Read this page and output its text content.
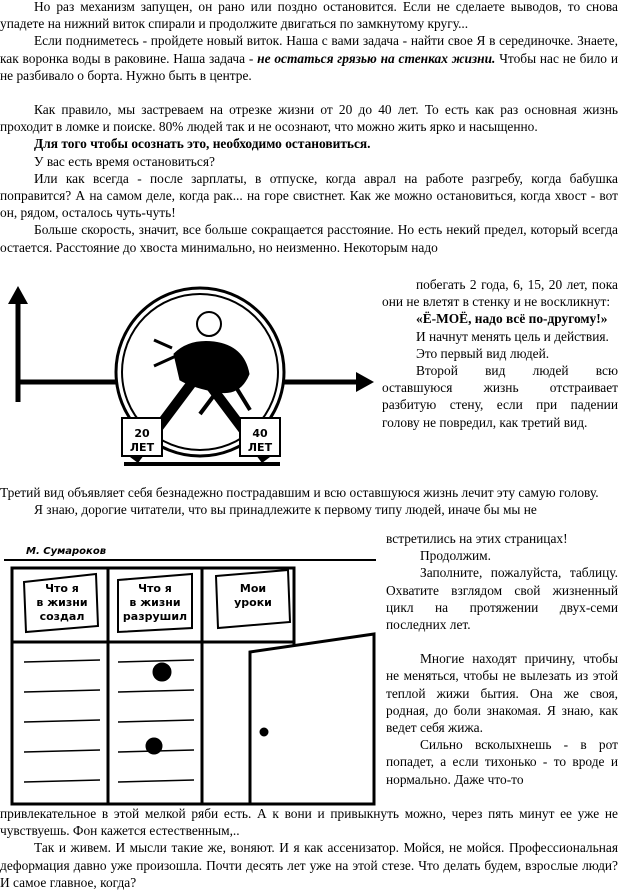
Но раз механизм запущен, он рано или поздно остановится. Если не сделаете выводов, то снова упадете на нижний виток спирали и продолжите двигаться по замкнутому кругу...

Если подниметесь - пройдете новый виток. Наша с вами задача - найти свое Я в серединочке. Знаете, как воронка воды в раковине. Наша задача - не остаться грязью на стенках жизни. Чтобы нас не било и не разбивало о борта. Нужно быть в центре.

Как правило, мы застреваем на отрезке жизни от 20 до 40 лет. То есть как раз основная жизнь проходит в ломке и поиске. 80% людей так и не осознают, что можно жить ярко и насыщенно.

Для того чтобы осознать это, необходимо остановиться.

У вас есть время остановиться?

Или как всегда - после зарплаты, в отпуске, когда аврал на работе разгребу, когда бабушка поправится? А на самом деле, когда рак... на горе свистнет. Как же можно остановиться, когда хвост - вот он, рядом, осталось чуть-чуть!

Больше скорость, значит, все больше сокращается расстояние. Но есть некий предел, который всегда остается. Расстояние до хвоста минимально, но неизменно. Некоторым надо

20
ЛЕТ
40
ЛЕТ

побегать 2 года, 6, 15, 20 лет, пока они не влетят в стенку и не воскликнут:

«Ё-МОЁ, надо всё по-другому!»

И начнут менять цель и действия.

Это первый вид людей.

Второй вид людей всю оставшуюся жизнь отстраивает разбитую стену, если при падении голову не повредил, как третий вид.

Третий вид объявляет себя безнадежно пострадавшим и всю оставшуюся жизнь лечит эту самую голову.

Я знаю, дорогие читатели, что вы принадлежите к первому типу людей, иначе бы мы не

М. Сумароков
Что я
в жизни
создал
Что я
в жизни
разрушил
Мои
уроки

встретились на этих страницах!

Продолжим.

Заполните, пожалуйста, таблицу. Охватите взглядом свой жизненный цикл на протяжении двух-семи последних лет.

Многие находят причину, чтобы не меняться, чтобы не вылезать из этой теплой жижи бытия. Она же своя, родная, до боли знакомая. Я знаю, как ведет себя жижа.

Сильно всколыхнешь - в рот попадет, а если тихонько - то вроде и нормально. Даже что-то

привлекательное в этой мелкой ряби есть. А к вони и привыкнуть можно, через пять минут ее уже не чувствуешь. Фон кажется естественным,..

Так и живем. И мысли такие же, воняют. И я как ассенизатор. Мойся, не мойся. Профессиональная деформация давно уже произошла. Почти десять лет уже на этой стезе. Что делать будем, взрослые люди? И самое главное, когда?
